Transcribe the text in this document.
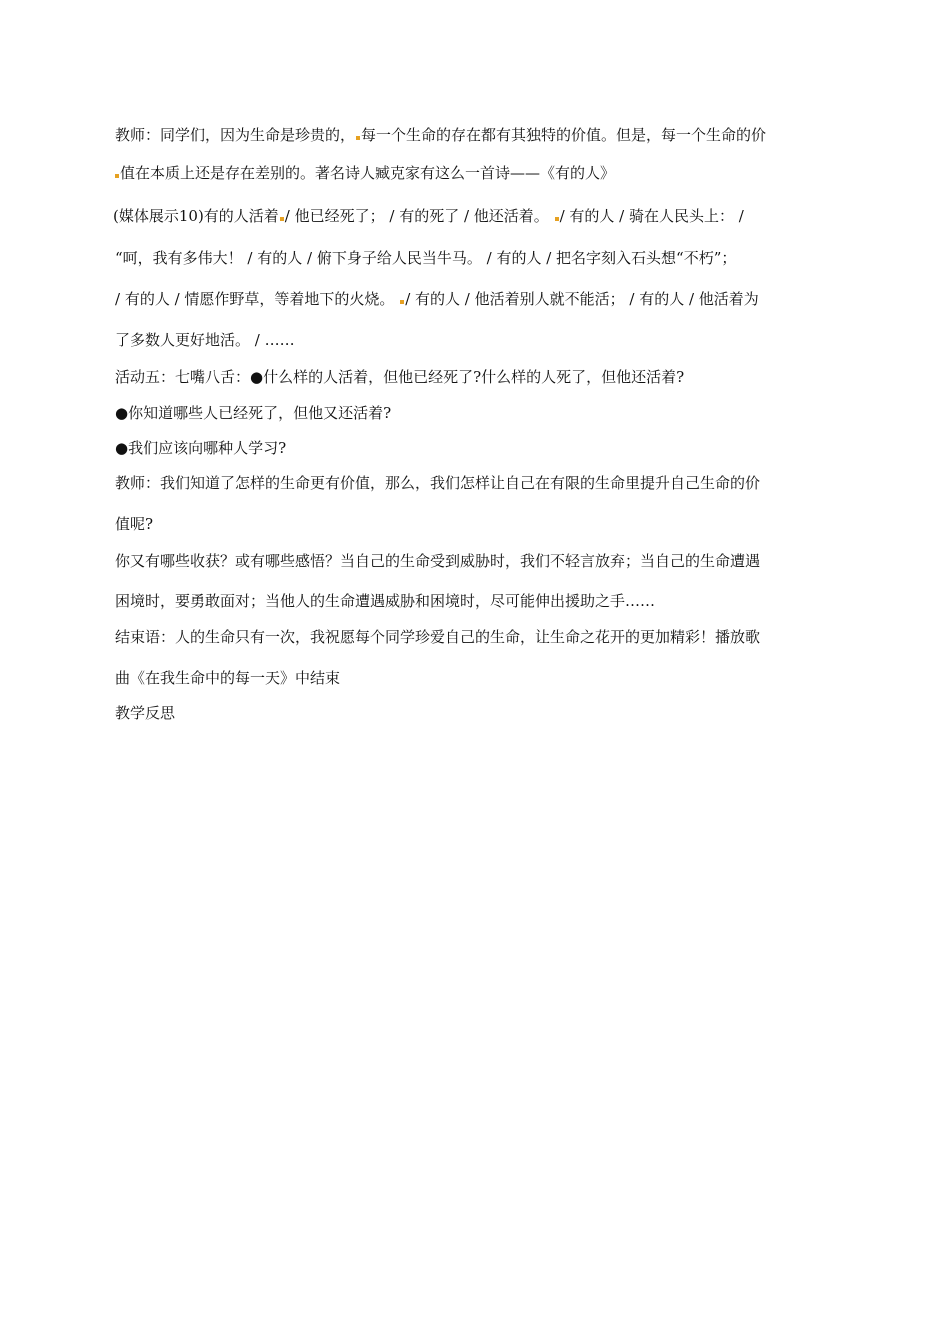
教师：同学们，因为生命是珍贵的， 每一个生命的存在都有其独特的价值。但是，每一个生命的价
值在本质上还是存在差别的。著名诗人臧克家有这么一首诗——《有的人》
(媒体展示10)有的人活着 / 他已经死了； / 有的死了 / 他还活着。 / 有的人 / 骑在人民头上： /
“呵，我有多伟大！ / 有的人 / 俯下身子给人民当牛马。 / 有的人 / 把名字刻入石头想“不朽”；
/ 有的人 / 情愿作野草，等着地下的火烧。 / 有的人 / 他活着别人就不能活； / 有的人 / 他活着为
了多数人更好地活。 / ……
活动五：七嘴八舌：●什么样的人活着，但他已经死了?什么样的人死了，但他还活着?
●你知道哪些人已经死了，但他又还活着?
●我们应该向哪种人学习?
教师：我们知道了怎样的生命更有价值，那么，我们怎样让自己在有限的生命里提升自己生命的价
值呢?
你又有哪些收获？或有哪些感悟？当自己的生命受到威胁时，我们不轻言放弃；当自己的生命遭遇
困境时，要勇敢面对；当他人的生命遭遇威胁和困境时，尽可能伸出援助之手……
结束语：人的生命只有一次，我祝愿每个同学珍爱自己的生命，让生命之花开的更加精彩！播放歌
曲《在我生命中的每一天》中结束
教学反思
